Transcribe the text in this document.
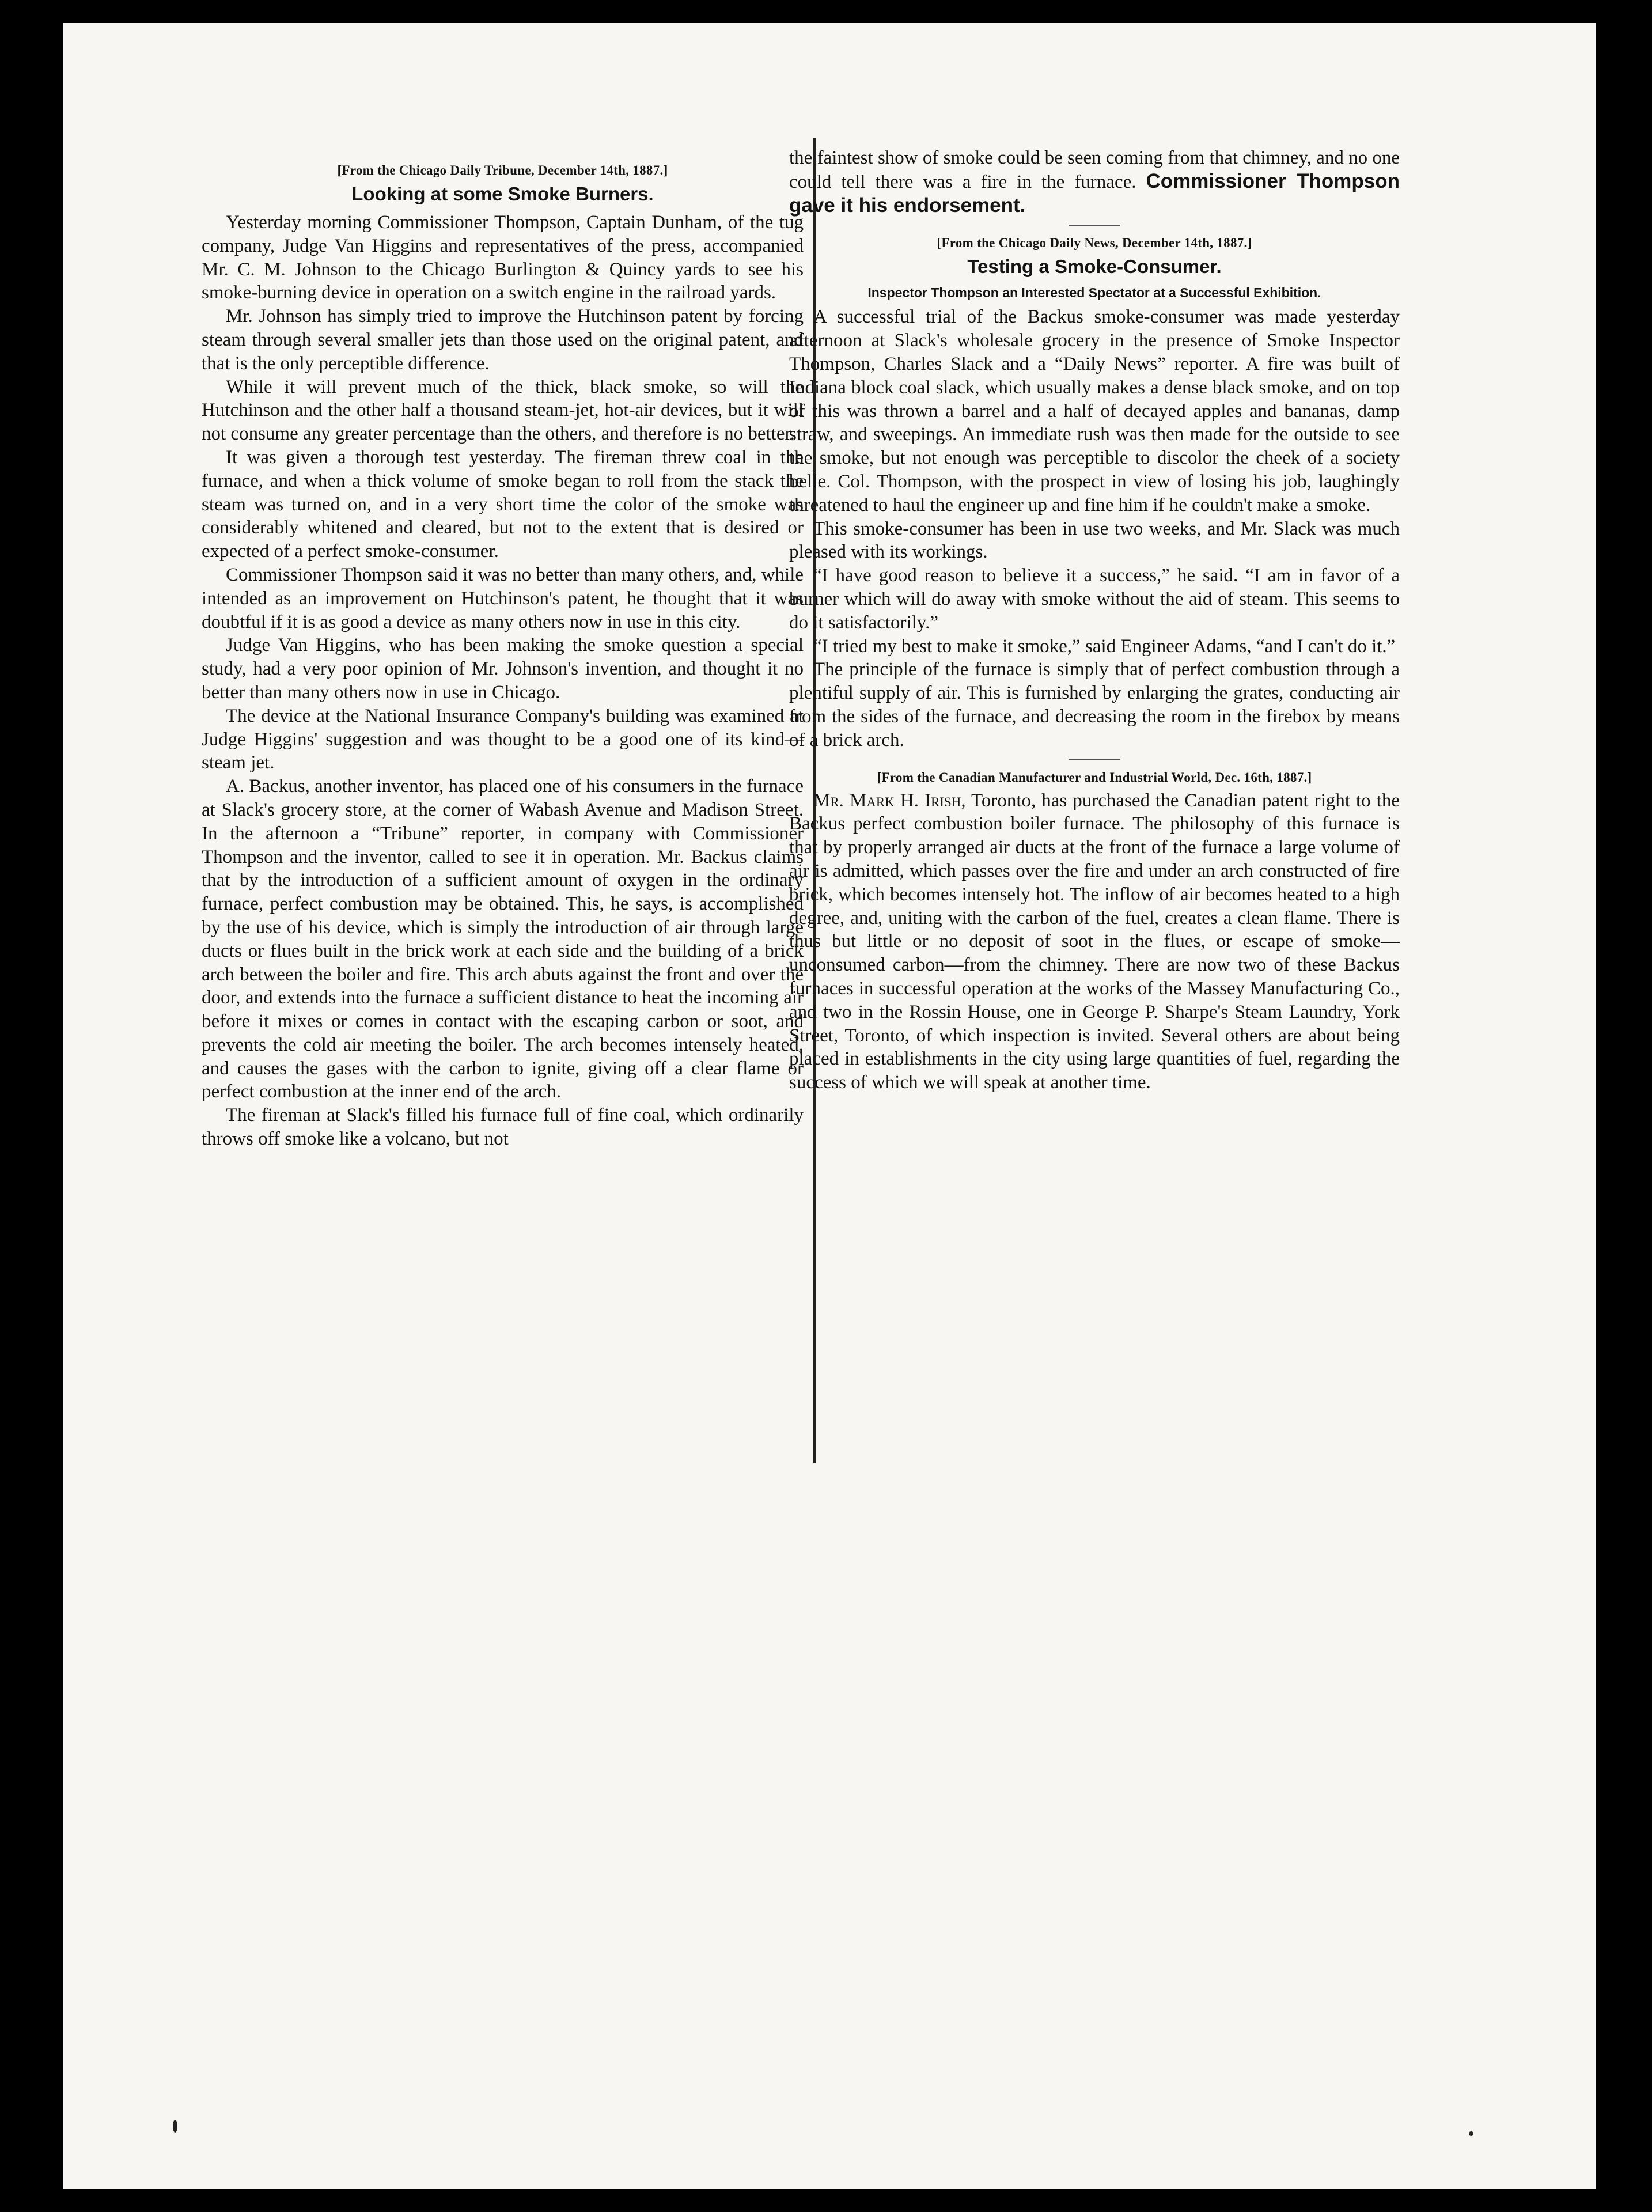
[From the Chicago Daily Tribune, December 14th, 1887.]
Looking at some Smoke Burners.

Yesterday morning Commissioner Thompson, Captain Dunham, of the tug company, Judge Van Higgins and representatives of the press, accompanied Mr. C. M. Johnson to the Chicago Burlington & Quincy yards to see his smoke-burning device in operation on a switch engine in the railroad yards.

Mr. Johnson has simply tried to improve the Hutchinson patent by forcing steam through several smaller jets than those used on the original patent, and that is the only perceptible difference.

While it will prevent much of the thick, black smoke, so will the Hutchinson and the other half a thousand steam-jet, hot-air devices, but it will not consume any greater percentage than the others, and therefore is no better.

It was given a thorough test yesterday. The fireman threw coal in the furnace, and when a thick volume of smoke began to roll from the stack the steam was turned on, and in a very short time the color of the smoke was considerably whitened and cleared, but not to the extent that is desired or expected of a perfect smoke-consumer.

Commissioner Thompson said it was no better than many others, and, while intended as an improvement on Hutchinson's patent, he thought that it was doubtful if it is as good a device as many others now in use in this city.

Judge Van Higgins, who has been making the smoke question a special study, had a very poor opinion of Mr. Johnson's invention, and thought it no better than many others now in use in Chicago.

The device at the National Insurance Company's building was examined at Judge Higgins' suggestion and was thought to be a good one of its kind—steam jet.

A. Backus, another inventor, has placed one of his consumers in the furnace at Slack's grocery store, at the corner of Wabash Avenue and Madison Street. In the afternoon a “Tribune” reporter, in company with Commissioner Thompson and the inventor, called to see it in operation. Mr. Backus claims that by the introduction of a sufficient amount of oxygen in the ordinary furnace, perfect combustion may be obtained. This, he says, is accomplished by the use of his device, which is simply the introduction of air through large ducts or flues built in the brick work at each side and the building of a brick arch between the boiler and fire. This arch abuts against the front and over the door, and extends into the furnace a sufficient distance to heat the incoming air before it mixes or comes in contact with the escaping carbon or soot, and prevents the cold air meeting the boiler. The arch becomes intensely heated, and causes the gases with the carbon to ignite, giving off a clear flame or perfect combustion at the inner end of the arch.

The fireman at Slack's filled his furnace full of fine coal, which ordinarily throws off smoke like a volcano, but not

the faintest show of smoke could be seen coming from that chimney, and no one could tell there was a fire in the furnace. Commissioner Thompson gave it his endorsement.

[From the Chicago Daily News, December 14th, 1887.]
Testing a Smoke-Consumer.
Inspector Thompson an Interested Spectator at a Successful Exhibition.

A successful trial of the Backus smoke-consumer was made yesterday afternoon at Slack's wholesale grocery in the presence of Smoke Inspector Thompson, Charles Slack and a “Daily News” reporter. A fire was built of Indiana block coal slack, which usually makes a dense black smoke, and on top of this was thrown a barrel and a half of decayed apples and bananas, damp straw, and sweepings. An immediate rush was then made for the outside to see the smoke, but not enough was perceptible to discolor the cheek of a society belle. Col. Thompson, with the prospect in view of losing his job, laughingly threatened to haul the engineer up and fine him if he couldn't make a smoke.

This smoke-consumer has been in use two weeks, and Mr. Slack was much pleased with its workings.

“I have good reason to believe it a success,” he said. “I am in favor of a burner which will do away with smoke without the aid of steam. This seems to do it satisfactorily.”

“I tried my best to make it smoke,” said Engineer Adams, “and I can't do it.”

The principle of the furnace is simply that of perfect combustion through a plentiful supply of air. This is furnished by enlarging the grates, conducting air from the sides of the furnace, and decreasing the room in the firebox by means of a brick arch.

[From the Canadian Manufacturer and Industrial World, Dec. 16th, 1887.]

Mr. Mark H. Irish, Toronto, has purchased the Canadian patent right to the Backus perfect combustion boiler furnace. The philosophy of this furnace is that by properly arranged air ducts at the front of the furnace a large volume of air is admitted, which passes over the fire and under an arch constructed of fire brick, which becomes intensely hot. The inflow of air becomes heated to a high degree, and, uniting with the carbon of the fuel, creates a clean flame. There is thus but little or no deposit of soot in the flues, or escape of smoke—unconsumed carbon—from the chimney. There are now two of these Backus furnaces in successful operation at the works of the Massey Manufacturing Co., and two in the Rossin House, one in George P. Sharpe's Steam Laundry, York Street, Toronto, of which inspection is invited. Several others are about being placed in establishments in the city using large quantities of fuel, regarding the success of which we will speak at another time.
